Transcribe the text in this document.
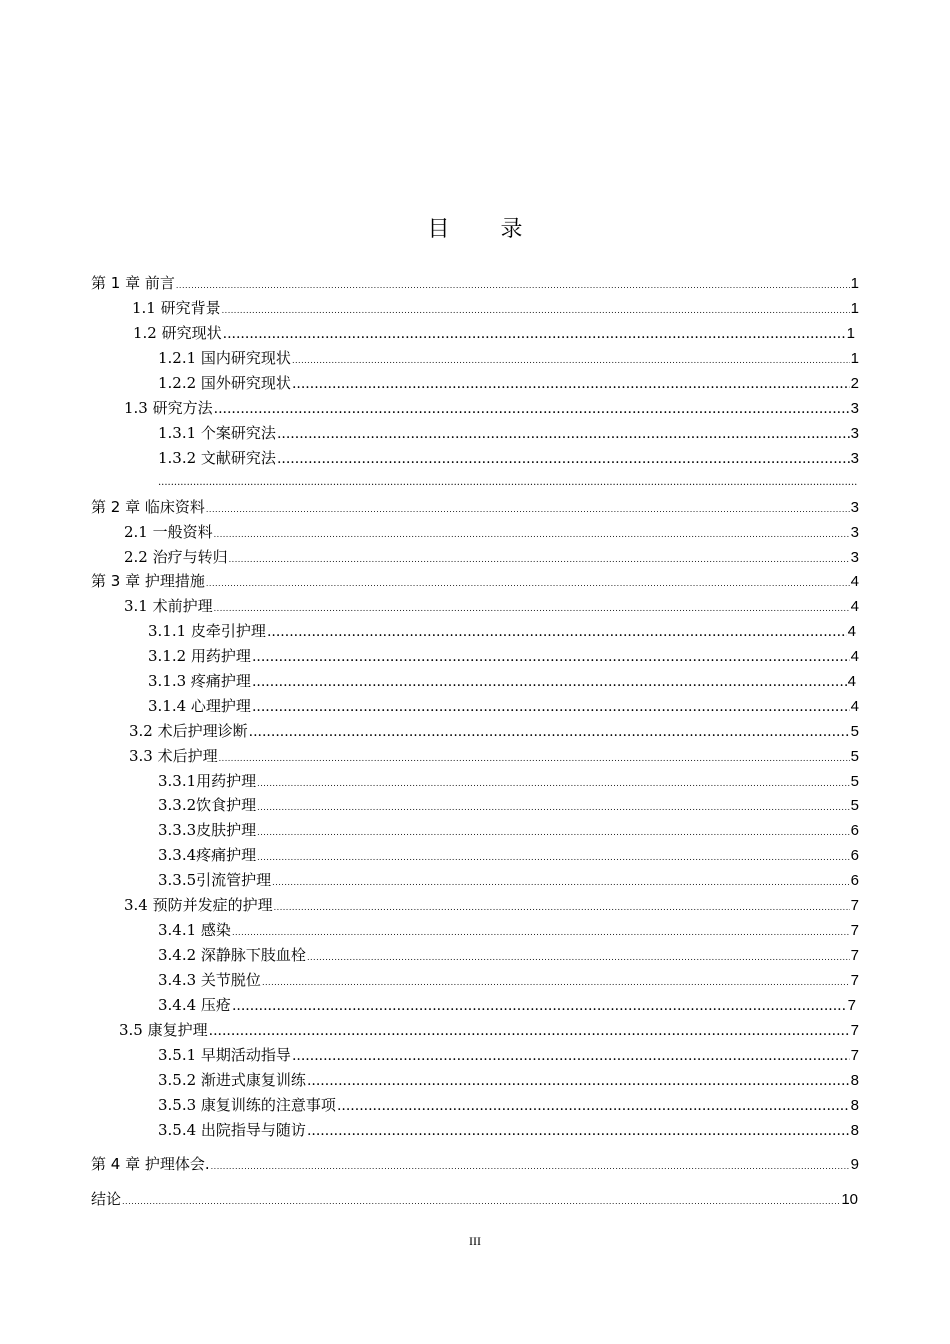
目 录
第 1 章 前言 .....	1
1.1 研究背景 .....	1
1.2 研究现状 .....	1
1.2.1 国内研究现状 .....	1
1.2.2 国外研究现状 .....	2
1.3 研究方法 .....	3
1.3.1 个案研究法 .....	3
1.3.2 文献研究法 .....	3
.....
第 2 章 临床资料 .....	3
2.1 一般资料 .....	3
2.2 治疗与转归 .....	3
第 3 章 护理措施 .....	4
3.1 术前护理 .....	4
3.1.1 皮牵引护理 .....	4
3.1.2 用药护理 .....	4
3.1.3 疼痛护理 .....	4
3.1.4 心理护理 .....	4
3.2 术后护理诊断 .....	5
3.3 术后护理 .....	5
3.3.1用药护理 .....	5
3.3.2饮食护理 .....	5
3.3.3皮肤护理 .....	6
3.3.4疼痛护理 .....	6
3.3.5引流管护理 .....	6
3.4 预防并发症的护理 .....	7
3.4.1 感染 .....	7
3.4.2 深静脉下肢血栓 .....	7
3.4.3 关节脱位 .....	7
3.4.4 压疮 .....	7
3.5 康复护理 .....	7
3.5.1 早期活动指导 .....	7
3.5.2 渐进式康复训练 .....	8
3.5.3 康复训练的注意事项 .....	8
3.5.4 出院指导与随访 .....	8
第 4 章 护理体会. .....	9
结论 .....	10
III
